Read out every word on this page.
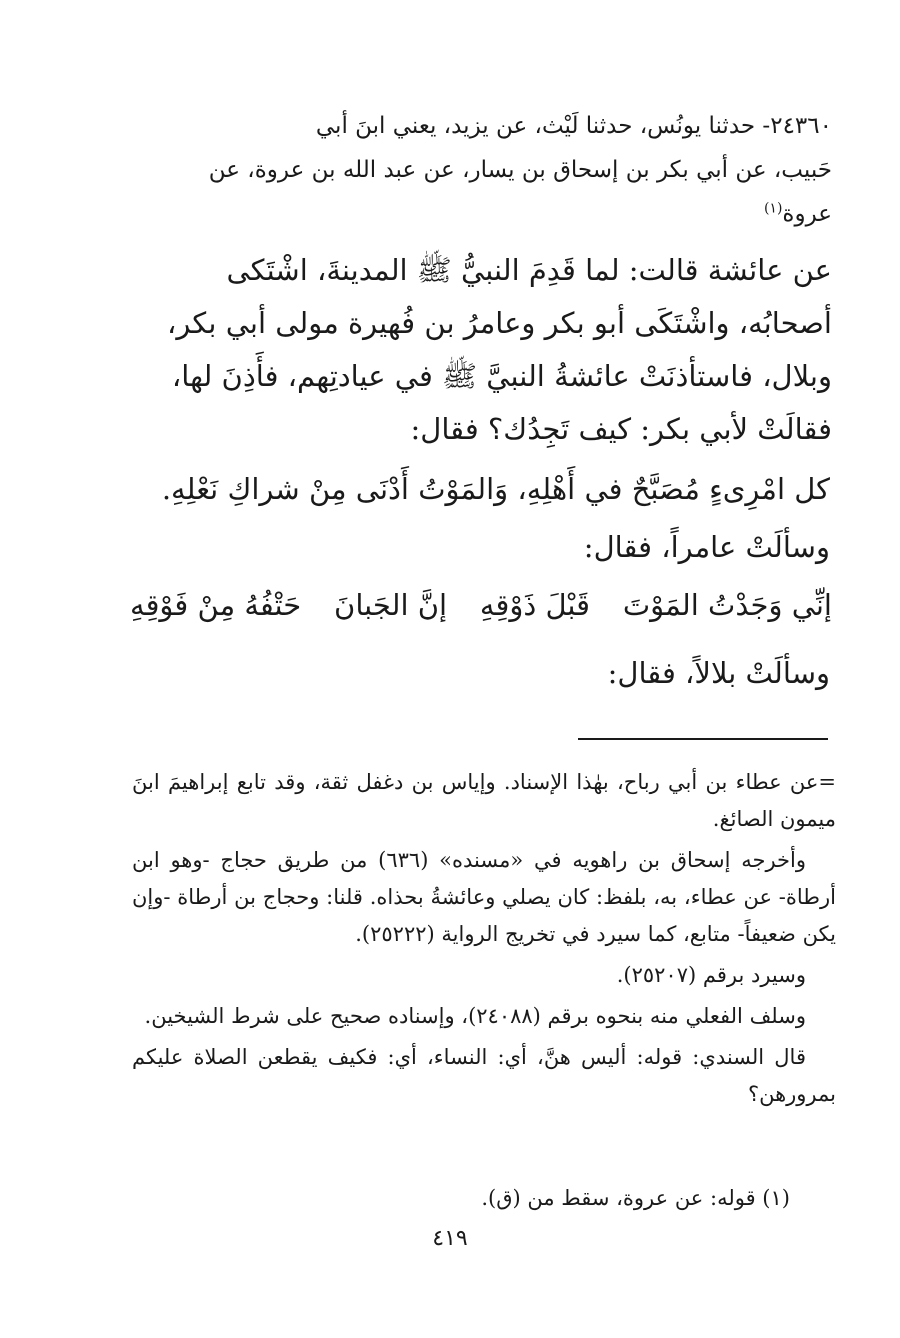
٢٤٣٦٠- حدثنا يونُس، حدثنا لَيْث، عن يزيد، يعني ابنَ أبي
حَبيب، عن أبي بكر بن إسحاق بن يسار، عن عبد الله بن عروة، عن
عروة$^{(١)}$
عن عائشة قالت: لما قَدِمَ النبيُّ ﷺ المدينةَ، اشْتَكى
أصحابُه، واشْتَكَى أبو بكر وعامرُ بن فُهيرة مولى أبي بكر،
وبلال، فاستأذنَتْ عائشةُ النبيَّ ﷺ في عيادتِهم، فأَذِنَ لها،
فقالَتْ لأبي بكر: كيف تَجِدُك؟ فقال:
كل امْرِىءٍ مُصَبَّحٌ في أَهْلِهِ، وَالمَوْتُ أَدْنَى مِنْ شراكِ نَعْلِهِ.
وسألَتْ عامراً، فقال:
إنِّي وَجَدْتُ المَوْتَ
قَبْلَ ذَوْقِهِ
إنَّ الجَبانَ
حَتْفُهُ مِنْ فَوْقِهِ
وسألَتْ بلالاً، فقال:

=عن عطاء بن أبي رباح، بهٰذا الإسناد. وإياس بن دغفل ثقة، وقد تابع إبراهيمَ ابنَ ميمون الصائغ.

وأخرجه إسحاق بن راهويه في «مسنده» (٦٣٦) من طريق حجاج -وهو ابن أرطاة- عن عطاء، به، بلفظ: كان يصلي وعائشةُ بحذاه. قلنا: وحجاج بن أرطاة -وإن يكن ضعيفاً- متابع، كما سيرد في تخريج الرواية (٢٥٢٢٢).

وسيرد برقم (٢٥٢٠٧).

وسلف الفعلي منه بنحوه برقم (٢٤٠٨٨)، وإسناده صحيح على شرط الشيخين.

قال السندي: قوله: أليس هنَّ، أي: النساء، أي: فكيف يقطعن الصلاة عليكم بمرورهن؟

(١) قوله: عن عروة، سقط من (ق).
٤١٩
